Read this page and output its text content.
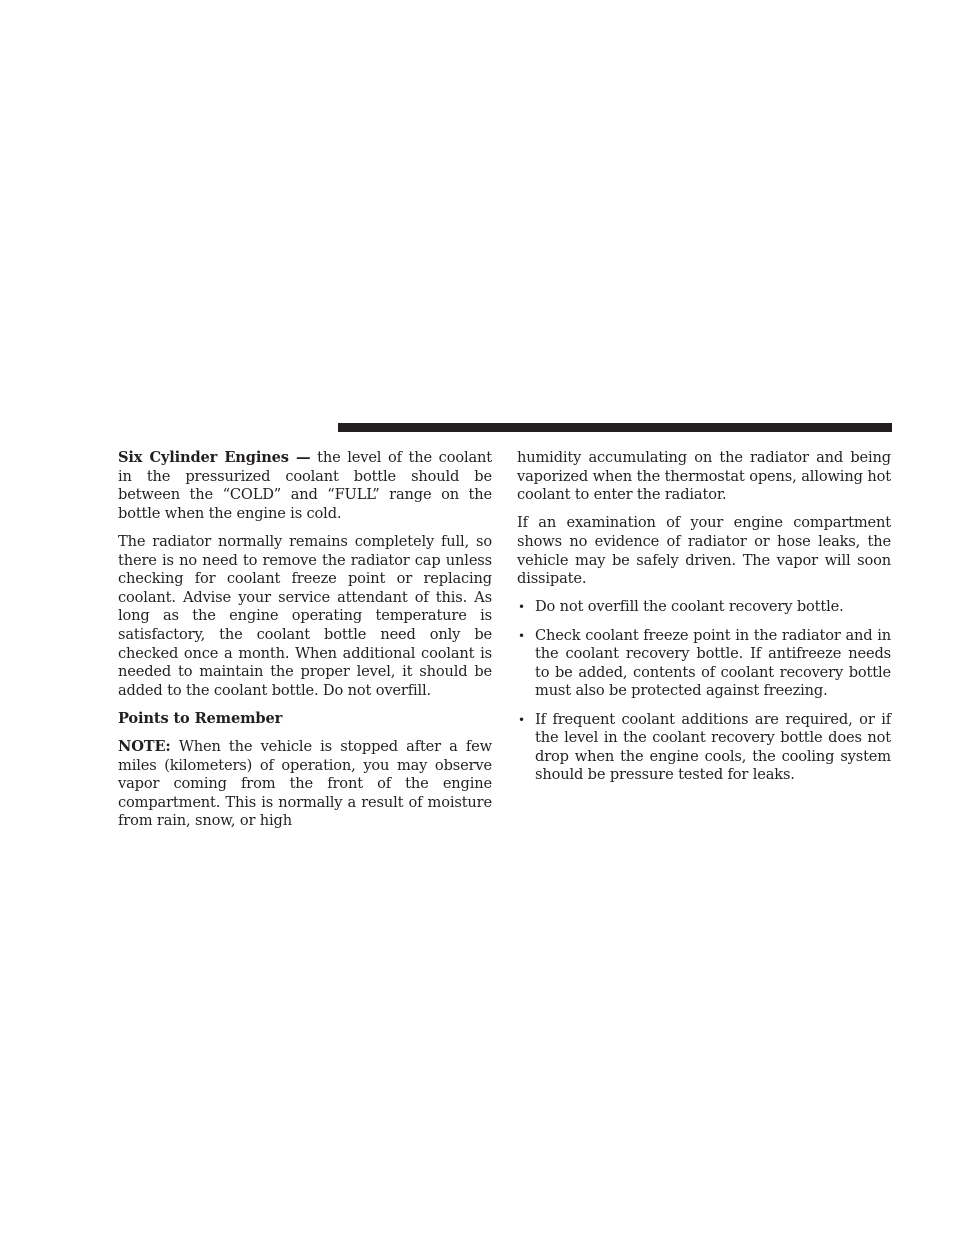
Six Cylinder Engines — the level of the coolant in the pressurized coolant bottle should be between the “COLD” and “FULL” range on the bottle when the engine is cold.

The radiator normally remains completely full, so there is no need to remove the radiator cap unless checking for coolant freeze point or replacing coolant. Advise your service attendant of this. As long as the engine operating temperature is satisfactory, the coolant bottle need only be checked once a month. When additional coolant is needed to maintain the proper level, it should be added to the coolant bottle. Do not overfill.

Points to Remember

NOTE: When the vehicle is stopped after a few miles (kilometers) of operation, you may observe vapor coming from the front of the engine compartment. This is normally a result of moisture from rain, snow, or high

humidity accumulating on the radiator and being vaporized when the thermostat opens, allowing hot coolant to enter the radiator.

If an examination of your engine compartment shows no evidence of radiator or hose leaks, the vehicle may be safely driven. The vapor will soon dissipate.

• Do not overfill the coolant recovery bottle.
• Check coolant freeze point in the radiator and in the coolant recovery bottle. If antifreeze needs to be added, contents of coolant recovery bottle must also be protected against freezing.
• If frequent coolant additions are required, or if the level in the coolant recovery bottle does not drop when the engine cools, the cooling system should be pressure tested for leaks.
